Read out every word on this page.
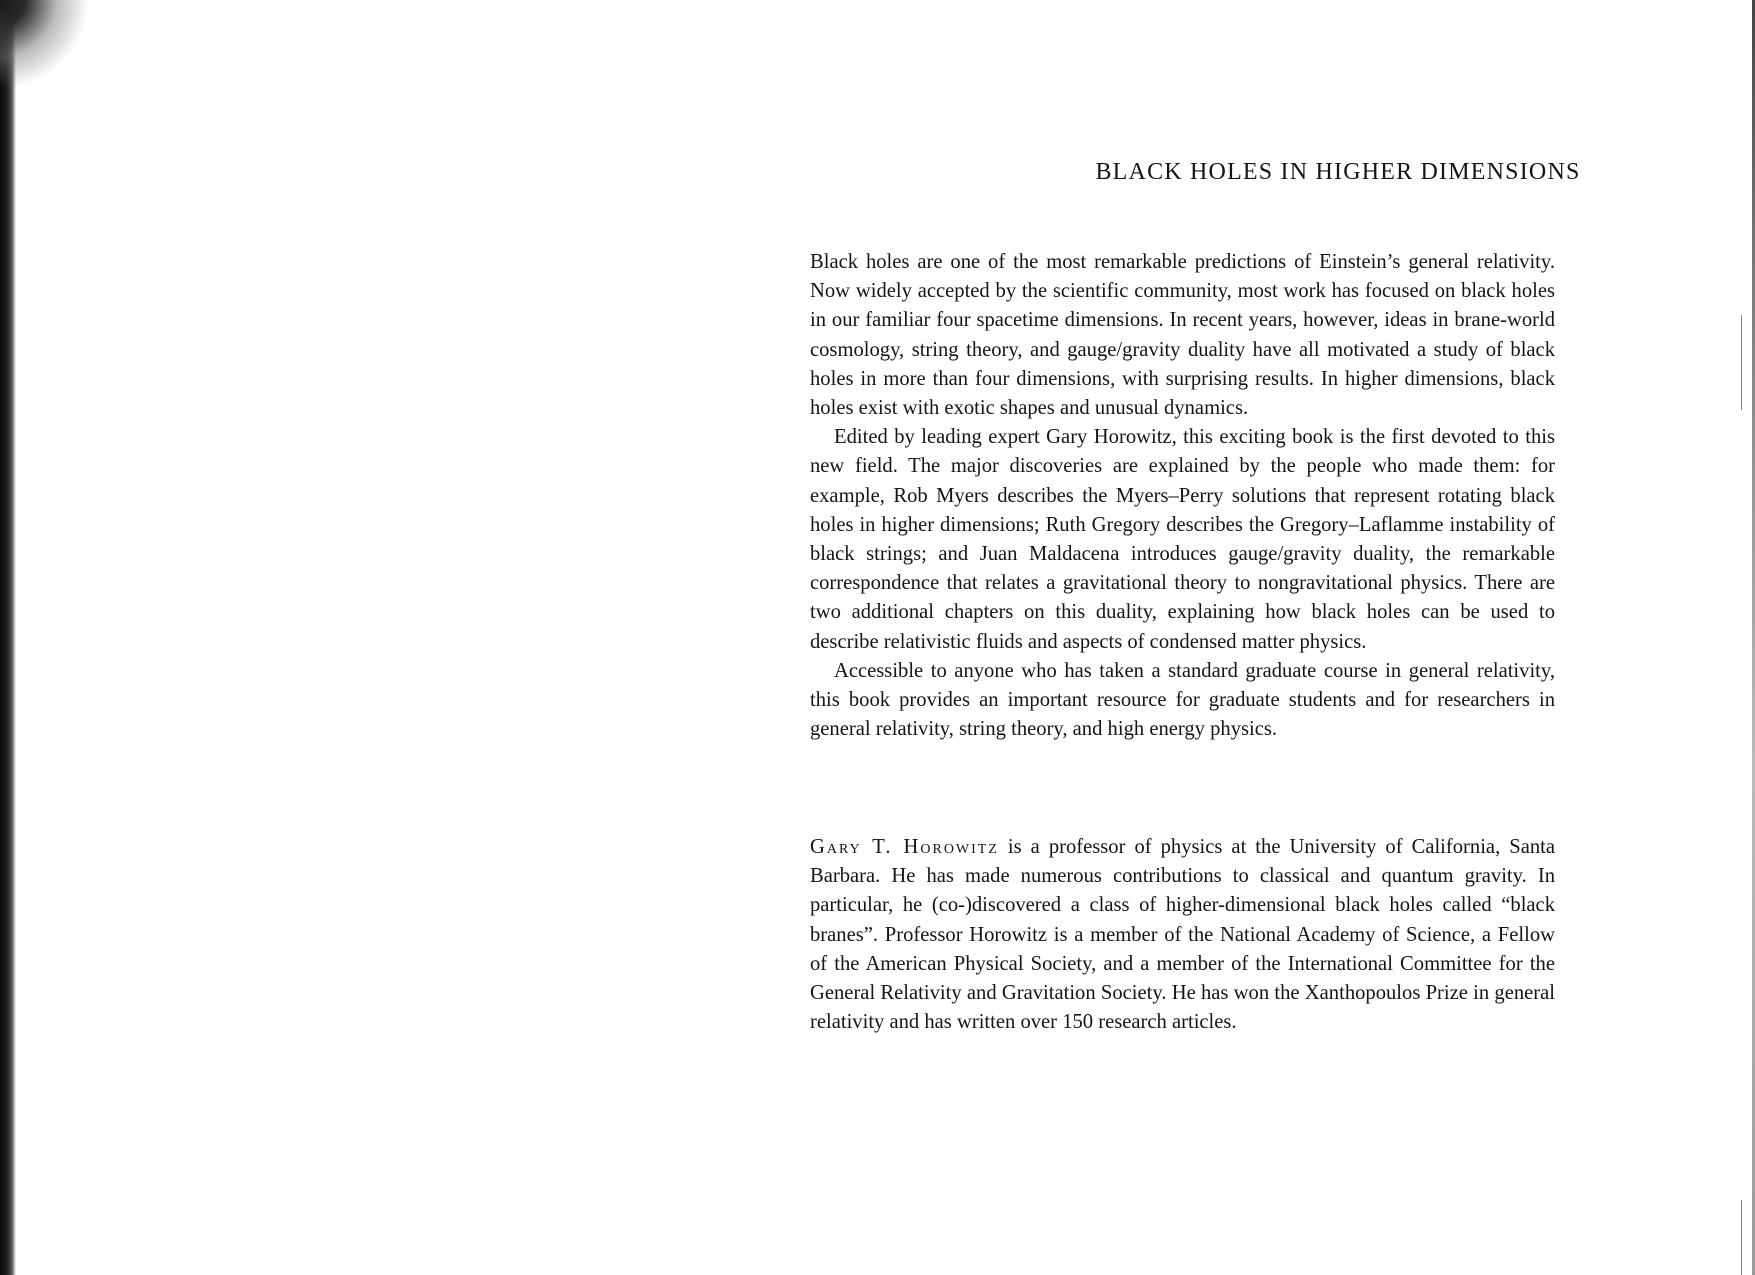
BLACK HOLES IN HIGHER DIMENSIONS

Black holes are one of the most remarkable predictions of Einstein’s general relativity. Now widely accepted by the scientific community, most work has focused on black holes in our familiar four spacetime dimensions. In recent years, however, ideas in brane-world cosmology, string theory, and gauge/gravity duality have all motivated a study of black holes in more than four dimensions, with surprising results. In higher dimensions, black holes exist with exotic shapes and unusual dynamics.

Edited by leading expert Gary Horowitz, this exciting book is the first devoted to this new field. The major discoveries are explained by the people who made them: for example, Rob Myers describes the Myers–Perry solutions that represent rotating black holes in higher dimensions; Ruth Gregory describes the Gregory–Laflamme instability of black strings; and Juan Maldacena introduces gauge/gravity duality, the remarkable correspondence that relates a gravitational theory to nongravitational physics. There are two additional chapters on this duality, explaining how black holes can be used to describe relativistic fluids and aspects of condensed matter physics.

Accessible to anyone who has taken a standard graduate course in general relativity, this book provides an important resource for graduate students and for researchers in general relativity, string theory, and high energy physics.

Gary T. Horowitz is a professor of physics at the University of California, Santa Barbara. He has made numerous contributions to classical and quantum gravity. In particular, he (co-)discovered a class of higher-dimensional black holes called “black branes”. Professor Horowitz is a member of the National Academy of Science, a Fellow of the American Physical Society, and a member of the International Committee for the General Relativity and Gravitation Society. He has won the Xanthopoulos Prize in general relativity and has written over 150 research articles.
